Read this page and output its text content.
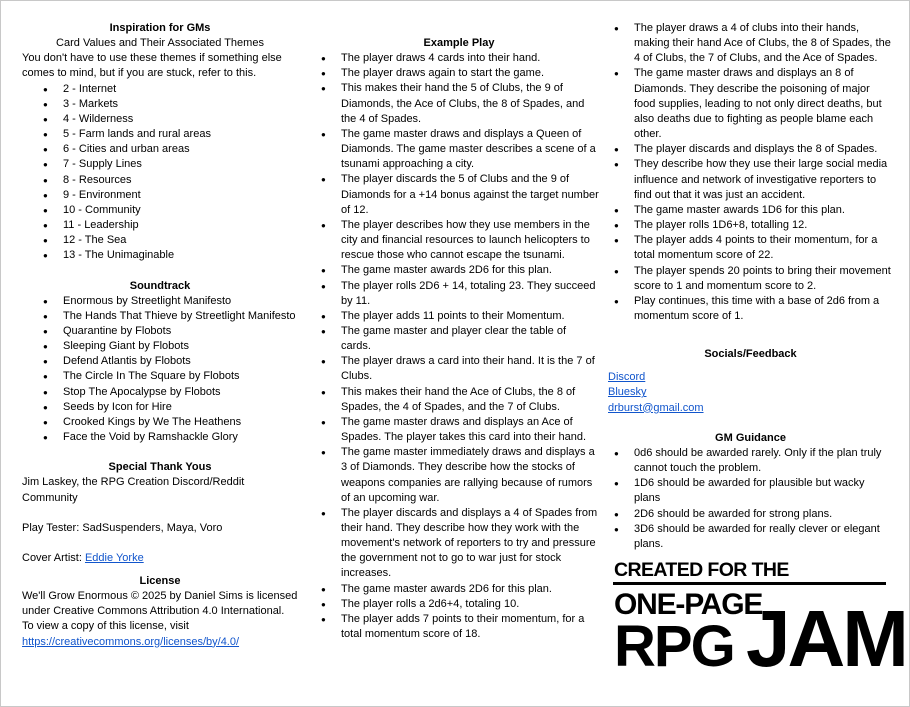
Inspiration for GMs

Card Values and Their Associated Themes

You don't have to use these themes if something else comes to mind, but if you are stuck, refer to this.

● 2 - Internet
● 3 - Markets
● 4 - Wilderness
● 5 - Farm lands and rural areas
● 6 - Cities and urban areas
● 7 - Supply Lines
● 8 - Resources
● 9 - Environment
● 10 - Community
● 11 - Leadership
● 12 - The Sea
● 13 - The Unimaginable

Soundtrack

● Enormous by Streetlight Manifesto
● The Hands That Thieve by Streetlight Manifesto
● Quarantine by Flobots
● Sleeping Giant by Flobots
● Defend Atlantis by Flobots
● The Circle In The Square by Flobots
● Stop The Apocalypse by Flobots
● Seeds by Icon for Hire
● Crooked Kings by We The Heathens
● Face the Void by Ramshackle Glory

Special Thank Yous

Jim Laskey, the RPG Creation Discord/Reddit Community

Play Tester: SadSuspenders, Maya, Voro

Cover Artist: Eddie Yorke

License

We'll Grow Enormous © 2025 by Daniel Sims is licensed under Creative Commons Attribution 4.0 International. To view a copy of this license, visit

https://creativecommons.org/licenses/by/4.0/

Example Play

● The player draws 4 cards into their hand.
● The player draws again to start the game.
● This makes their hand the 5 of Clubs, the 9 of Diamonds, the Ace of Clubs, the 8 of Spades, and the 4 of Spades.
● The game master draws and displays a Queen of Diamonds. The game master describes a scene of a tsunami approaching a city.
● The player discards the 5 of Clubs and the 9 of Diamonds for a +14 bonus against the target number of 12.
● The player describes how they use members in the city and financial resources to launch helicopters to rescue those who cannot escape the tsunami.
● The game master awards 2D6 for this plan.
● The player rolls 2D6 + 14, totaling 23. They succeed by 11.
● The player adds 11 points to their Momentum.
● The game master and player clear the table of cards.
● The player draws a card into their hand. It is the 7 of Clubs.
● This makes their hand the Ace of Clubs, the 8 of Spades, the 4 of Spades, and the 7 of Clubs.
● The game master draws and displays an Ace of Spades. The player takes this card into their hand.
● The game master immediately draws and displays a 3 of Diamonds. They describe how the stocks of weapons companies are rallying because of rumors of an upcoming war.
● The player discards and displays a 4 of Spades from their hand. They describe how they work with the movement's network of reporters to try and pressure the government not to go to war just for stock increases.
● The game master awards 2D6 for this plan.
● The player rolls a 2d6+4, totaling 10.
● The player adds 7 points to their momentum, for a total momentum score of 18.
● The player draws a 4 of clubs into their hands, making their hand Ace of Clubs, the 8 of Spades, the 4 of Clubs, the 7 of Clubs, and the Ace of Spades.
● The game master draws and displays an 8 of Diamonds. They describe the poisoning of major food supplies, leading to not only direct deaths, but also deaths due to fighting as people blame each other.
● The player discards and displays the 8 of Spades.
● They describe how they use their large social media influence and network of investigative reporters to find out that it was just an accident.
● The game master awards 1D6 for this plan.
● The player rolls 1D6+8, totalling 12.
● The player adds 4 points to their momentum, for a total momentum score of 22.
● The player spends 20 points to bring their movement score to 1 and momentum score to 2.
● Play continues, this time with a base of 2d6 from a momentum score of 1.

Socials/Feedback

Discord

Bluesky

drburst@gmail.com

GM Guidance

● 0d6 should be awarded rarely. Only if the plan truly cannot touch the problem.
● 1D6 should be awarded for plausible but wacky plans
● 2D6 should be awarded for strong plans.
● 3D6 should be awarded for really clever or elegant plans.
CREATED FOR THE
ONE-PAGE
RPG JAM
